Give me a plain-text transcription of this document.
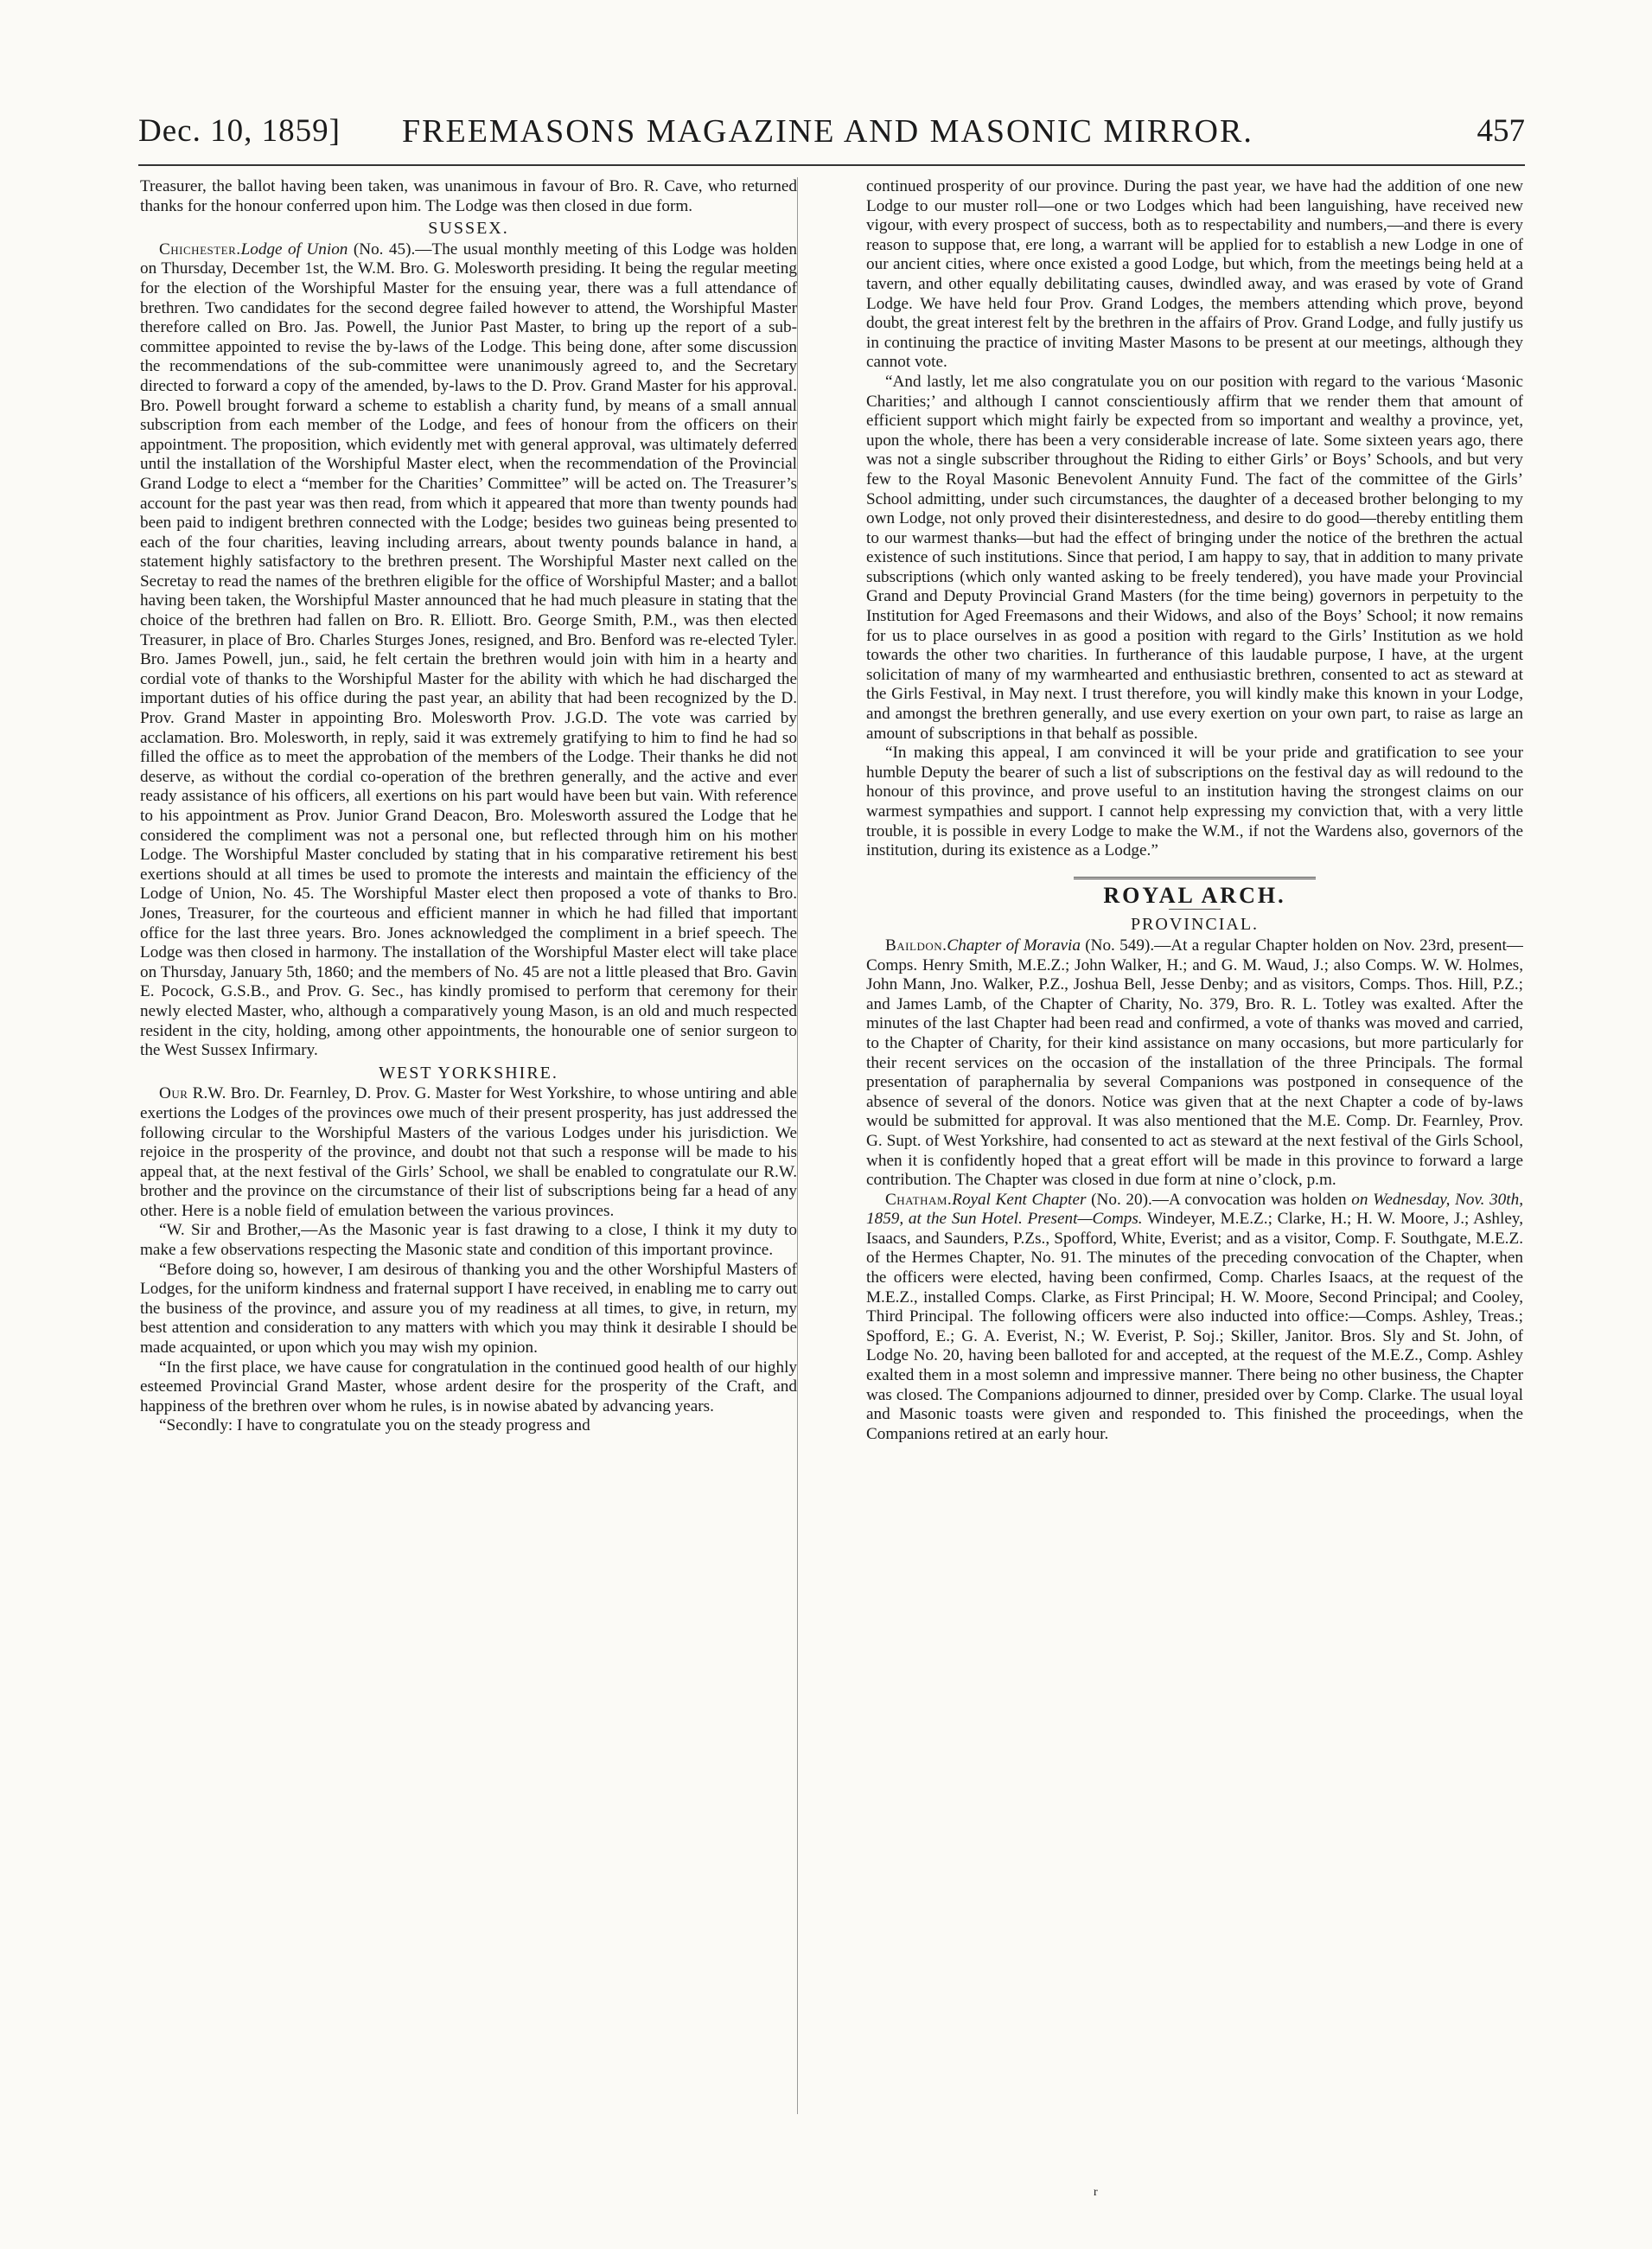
Dec. 10, 1859] FREEMASONS MAGAZINE AND MASONIC MIRROR.	457

Treasurer, the ballot having been taken, was unanimous in favour of Bro. R. Cave, who returned thanks for the honour conferred upon him. The Lodge was then closed in due form.

SUSSEX.

Chichester.Lodge of Union (No. 45).—The usual monthly meeting of this Lodge was holden on Thursday, December 1st, the W.M. Bro. G. Molesworth presiding. It being the regular meeting for the election of the Worshipful Master for the ensuing year, there was a full attendance of brethren. Two candidates for the second degree failed however to attend, the Worshipful Master therefore called on Bro. Jas. Powell, the Junior Past Master, to bring up the report of a sub-committee appointed to revise the by-laws of the Lodge. This being done, after some discussion the recommendations of the sub-committee were unanimously agreed to, and the Secretary directed to forward a copy of the amended, by-laws to the D. Prov. Grand Master for his approval. Bro. Powell brought forward a scheme to establish a charity fund, by means of a small annual subscription from each member of the Lodge, and fees of honour from the officers on their appointment. The proposition, which evidently met with general approval, was ultimately deferred until the installation of the Worshipful Master elect, when the recommendation of the Provincial Grand Lodge to elect a “member for the Charities’ Committee” will be acted on. The Treasurer’s account for the past year was then read, from which it appeared that more than twenty pounds had been paid to indigent brethren connected with the Lodge; besides two guineas being presented to each of the four charities, leaving including arrears, about twenty pounds balance in hand, a statement highly satisfactory to the brethren present. The Worshipful Master next called on the Secretay to read the names of the brethren eligible for the office of Worshipful Master; and a ballot having been taken, the Worshipful Master announced that he had much pleasure in stating that the choice of the brethren had fallen on Bro. R. Elliott. Bro. George Smith, P.M., was then elected Treasurer, in place of Bro. Charles Sturges Jones, resigned, and Bro. Benford was re-elected Tyler. Bro. James Powell, jun., said, he felt certain the brethren would join with him in a hearty and cordial vote of thanks to the Worshipful Master for the ability with which he had discharged the important duties of his office during the past year, an ability that had been recognized by the D. Prov. Grand Master in appointing Bro. Molesworth Prov. J.G.D. The vote was carried by acclamation. Bro. Molesworth, in reply, said it was extremely gratifying to him to find he had so filled the office as to meet the approbation of the members of the Lodge. Their thanks he did not deserve, as without the cordial co-operation of the brethren generally, and the active and ever ready assistance of his officers, all exertions on his part would have been but vain. With reference to his appointment as Prov. Junior Grand Deacon, Bro. Molesworth assured the Lodge that he considered the compliment was not a personal one, but reflected through him on his mother Lodge. The Worshipful Master concluded by stating that in his comparative retirement his best exertions should at all times be used to promote the interests and maintain the efficiency of the Lodge of Union, No. 45. The Worshipful Master elect then proposed a vote of thanks to Bro. Jones, Treasurer, for the courteous and efficient manner in which he had filled that important office for the last three years. Bro. Jones acknowledged the compliment in a brief speech. The Lodge was then closed in harmony. The installation of the Worshipful Master elect will take place on Thursday, January 5th, 1860; and the members of No. 45 are not a little pleased that Bro. Gavin E. Pocock, G.S.B., and Prov. G. Sec., has kindly promised to perform that ceremony for their newly elected Master, who, although a comparatively young Mason, is an old and much respected resident in the city, holding, among other appointments, the honourable one of senior surgeon to the West Sussex Infirmary.

WEST YORKSHIRE.

Our R.W. Bro. Dr. Fearnley, D. Prov. G. Master for West Yorkshire, to whose untiring and able exertions the Lodges of the provinces owe much of their present prosperity, has just addressed the following circular to the Worshipful Masters of the various Lodges under his jurisdiction. We rejoice in the prosperity of the province, and doubt not that such a response will be made to his appeal that, at the next festival of the Girls’ School, we shall be enabled to congratulate our R.W. brother and the province on the circumstance of their list of subscriptions being far a head of any other. Here is a noble field of emulation between the various provinces.

“W. Sir and Brother,—As the Masonic year is fast drawing to a close, I think it my duty to make a few observations respecting the Masonic state and condition of this important province.

“Before doing so, however, I am desirous of thanking you and the other Worshipful Masters of Lodges, for the uniform kindness and fraternal support I have received, in enabling me to carry out the business of the province, and assure you of my readiness at all times, to give, in return, my best attention and consideration to any matters with which you may think it desirable I should be made acquainted, or upon which you may wish my opinion.

“In the first place, we have cause for congratulation in the continued good health of our highly esteemed Provincial Grand Master, whose ardent desire for the prosperity of the Craft, and happiness of the brethren over whom he rules, is in nowise abated by advancing years.

“Secondly: I have to congratulate you on the steady progress and

continued prosperity of our province. During the past year, we have had the addition of one new Lodge to our muster roll—one or two Lodges which had been languishing, have received new vigour, with every prospect of success, both as to respectability and numbers,—and there is every reason to suppose that, ere long, a warrant will be applied for to establish a new Lodge in one of our ancient cities, where once existed a good Lodge, but which, from the meetings being held at a tavern, and other equally debilitating causes, dwindled away, and was erased by vote of Grand Lodge. We have held four Prov. Grand Lodges, the members attending which prove, beyond doubt, the great interest felt by the brethren in the affairs of Prov. Grand Lodge, and fully justify us in continuing the practice of inviting Master Masons to be present at our meetings, although they cannot vote.

“And lastly, let me also congratulate you on our position with regard to the various ‘Masonic Charities;’ and although I cannot conscientiously affirm that we render them that amount of efficient support which might fairly be expected from so important and wealthy a province, yet, upon the whole, there has been a very considerable increase of late. Some sixteen years ago, there was not a single subscriber throughout the Riding to either Girls’ or Boys’ Schools, and but very few to the Royal Masonic Benevolent Annuity Fund. The fact of the committee of the Girls’ School admitting, under such circumstances, the daughter of a deceased brother belonging to my own Lodge, not only proved their disinterestedness, and desire to do good—thereby entitling them to our warmest thanks—but had the effect of bringing under the notice of the brethren the actual existence of such institutions. Since that period, I am happy to say, that in addition to many private subscriptions (which only wanted asking to be freely tendered), you have made your Provincial Grand and Deputy Provincial Grand Masters (for the time being) governors in perpetuity to the Institution for Aged Freemasons and their Widows, and also of the Boys’ School; it now remains for us to place ourselves in as good a position with regard to the Girls’ Institution as we hold towards the other two charities. In furtherance of this laudable purpose, I have, at the urgent solicitation of many of my warmhearted and enthusiastic brethren, consented to act as steward at the Girls Festival, in May next. I trust therefore, you will kindly make this known in your Lodge, and amongst the brethren generally, and use every exertion on your own part, to raise as large an amount of subscriptions in that behalf as possible.

“In making this appeal, I am convinced it will be your pride and gratification to see your humble Deputy the bearer of such a list of subscriptions on the festival day as will redound to the honour of this province, and prove useful to an institution having the strongest claims on our warmest sympathies and support. I cannot help expressing my conviction that, with a very little trouble, it is possible in every Lodge to make the W.M., if not the Wardens also, governors of the institution, during its existence as a Lodge.”

ROYAL ARCH.
PROVINCIAL.

Baildon.Chapter of Moravia (No. 549).—At a regular Chapter holden on Nov. 23rd, present—Comps. Henry Smith, M.E.Z.; John Walker, H.; and G. M. Waud, J.; also Comps. W. W. Holmes, John Mann, Jno. Walker, P.Z., Joshua Bell, Jesse Denby; and as visitors, Comps. Thos. Hill, P.Z.; and James Lamb, of the Chapter of Charity, No. 379, Bro. R. L. Totley was exalted. After the minutes of the last Chapter had been read and confirmed, a vote of thanks was moved and carried, to the Chapter of Charity, for their kind assistance on many occasions, but more particularly for their recent services on the occasion of the installation of the three Principals. The formal presentation of paraphernalia by several Companions was postponed in consequence of the absence of several of the donors. Notice was given that at the next Chapter a code of by-laws would be submitted for approval. It was also mentioned that the M.E. Comp. Dr. Fearnley, Prov. G. Supt. of West Yorkshire, had consented to act as steward at the next festival of the Girls School, when it is confidently hoped that a great effort will be made in this province to forward a large contribution. The Chapter was closed in due form at nine o’clock, p.m.

Chatham.Royal Kent Chapter (No. 20).—A convocation was holden on Wednesday, Nov. 30th, 1859, at the Sun Hotel. Present—Comps. Windeyer, M.E.Z.; Clarke, H.; H. W. Moore, J.; Ashley, Isaacs, and Saunders, P.Zs., Spofford, White, Everist; and as a visitor, Comp. F. Southgate, M.E.Z. of the Hermes Chapter, No. 91. The minutes of the preceding convocation of the Chapter, when the officers were elected, having been confirmed, Comp. Charles Isaacs, at the request of the M.E.Z., installed Comps. Clarke, as First Principal; H. W. Moore, Second Principal; and Cooley, Third Principal. The following officers were also inducted into office:—Comps. Ashley, Treas.; Spofford, E.; G. A. Everist, N.; W. Everist, P. Soj.; Skiller, Janitor. Bros. Sly and St. John, of Lodge No. 20, having been balloted for and accepted, at the request of the M.E.Z., Comp. Ashley exalted them in a most solemn and impressive manner. There being no other business, the Chapter was closed. The Companions adjourned to dinner, presided over by Comp. Clarke. The usual loyal and Masonic toasts were given and responded to. This finished the proceedings, when the Companions retired at an early hour.

r
